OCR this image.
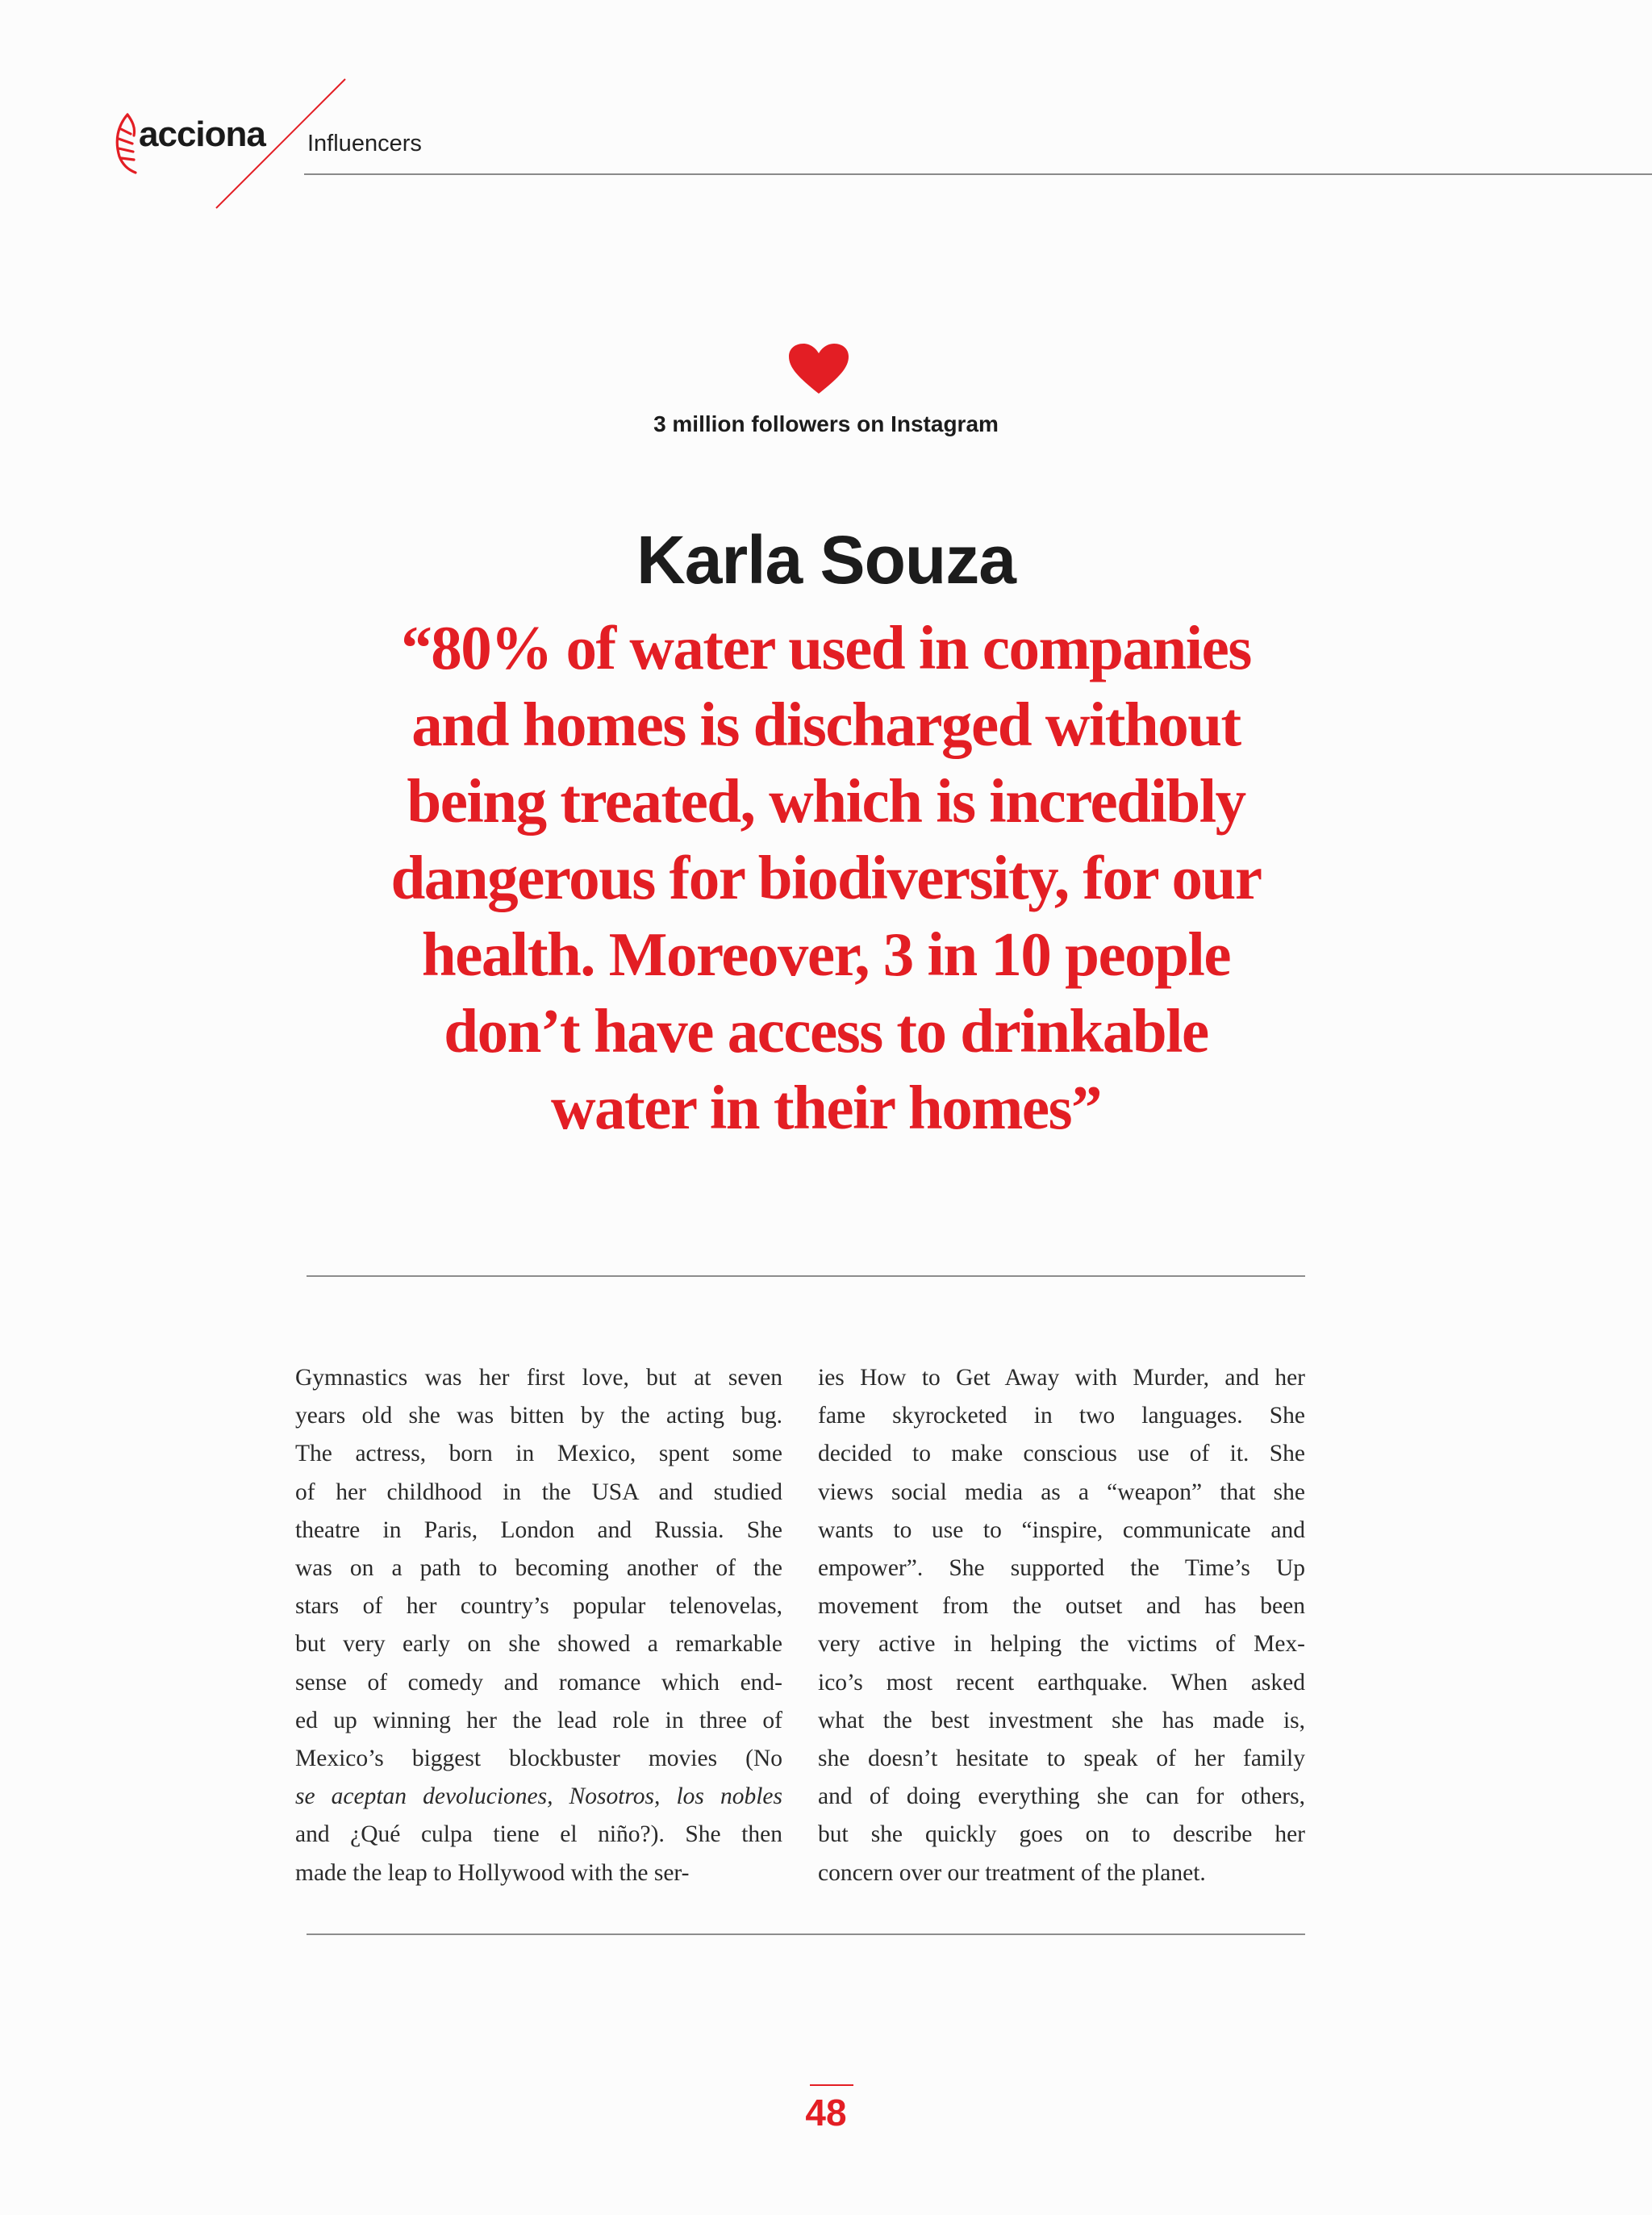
acciona Influencers
3 million followers on Instagram
Karla Souza

“80% of water used in companies
and homes is discharged without
being treated, which is incredibly
dangerous for biodiversity, for our
health. Moreover, 3 in 10 people
don’t have access to drinkable
water in their homes”

Gymnastics was her first love, but at seven
years old she was bitten by the acting bug.
The actress, born in Mexico, spent some
of her childhood in the USA and studied
theatre in Paris, London and Russia. She
was on a path to becoming another of the
stars of her country’s popular telenovelas,
but very early on she showed a remarkable
sense of comedy and romance which end-
ed up winning her the lead role in three of
Mexico’s biggest blockbuster movies (No
se aceptan devoluciones, Nosotros, los nobles
and ¿Qué culpa tiene el niño?). She then
made the leap to Hollywood with the ser-
ies How to Get Away with Murder, and her
fame skyrocketed in two languages. She
decided to make conscious use of it. She
views social media as a “weapon” that she
wants to use to “inspire, communicate and
empower”. She supported the Time’s Up
movement from the outset and has been
very active in helping the victims of Mex-
ico’s most recent earthquake. When asked
what the best investment she has made is,
she doesn’t hesitate to speak of her family
and of doing everything she can for others,
but she quickly goes on to describe her
concern over our treatment of the planet.
48
